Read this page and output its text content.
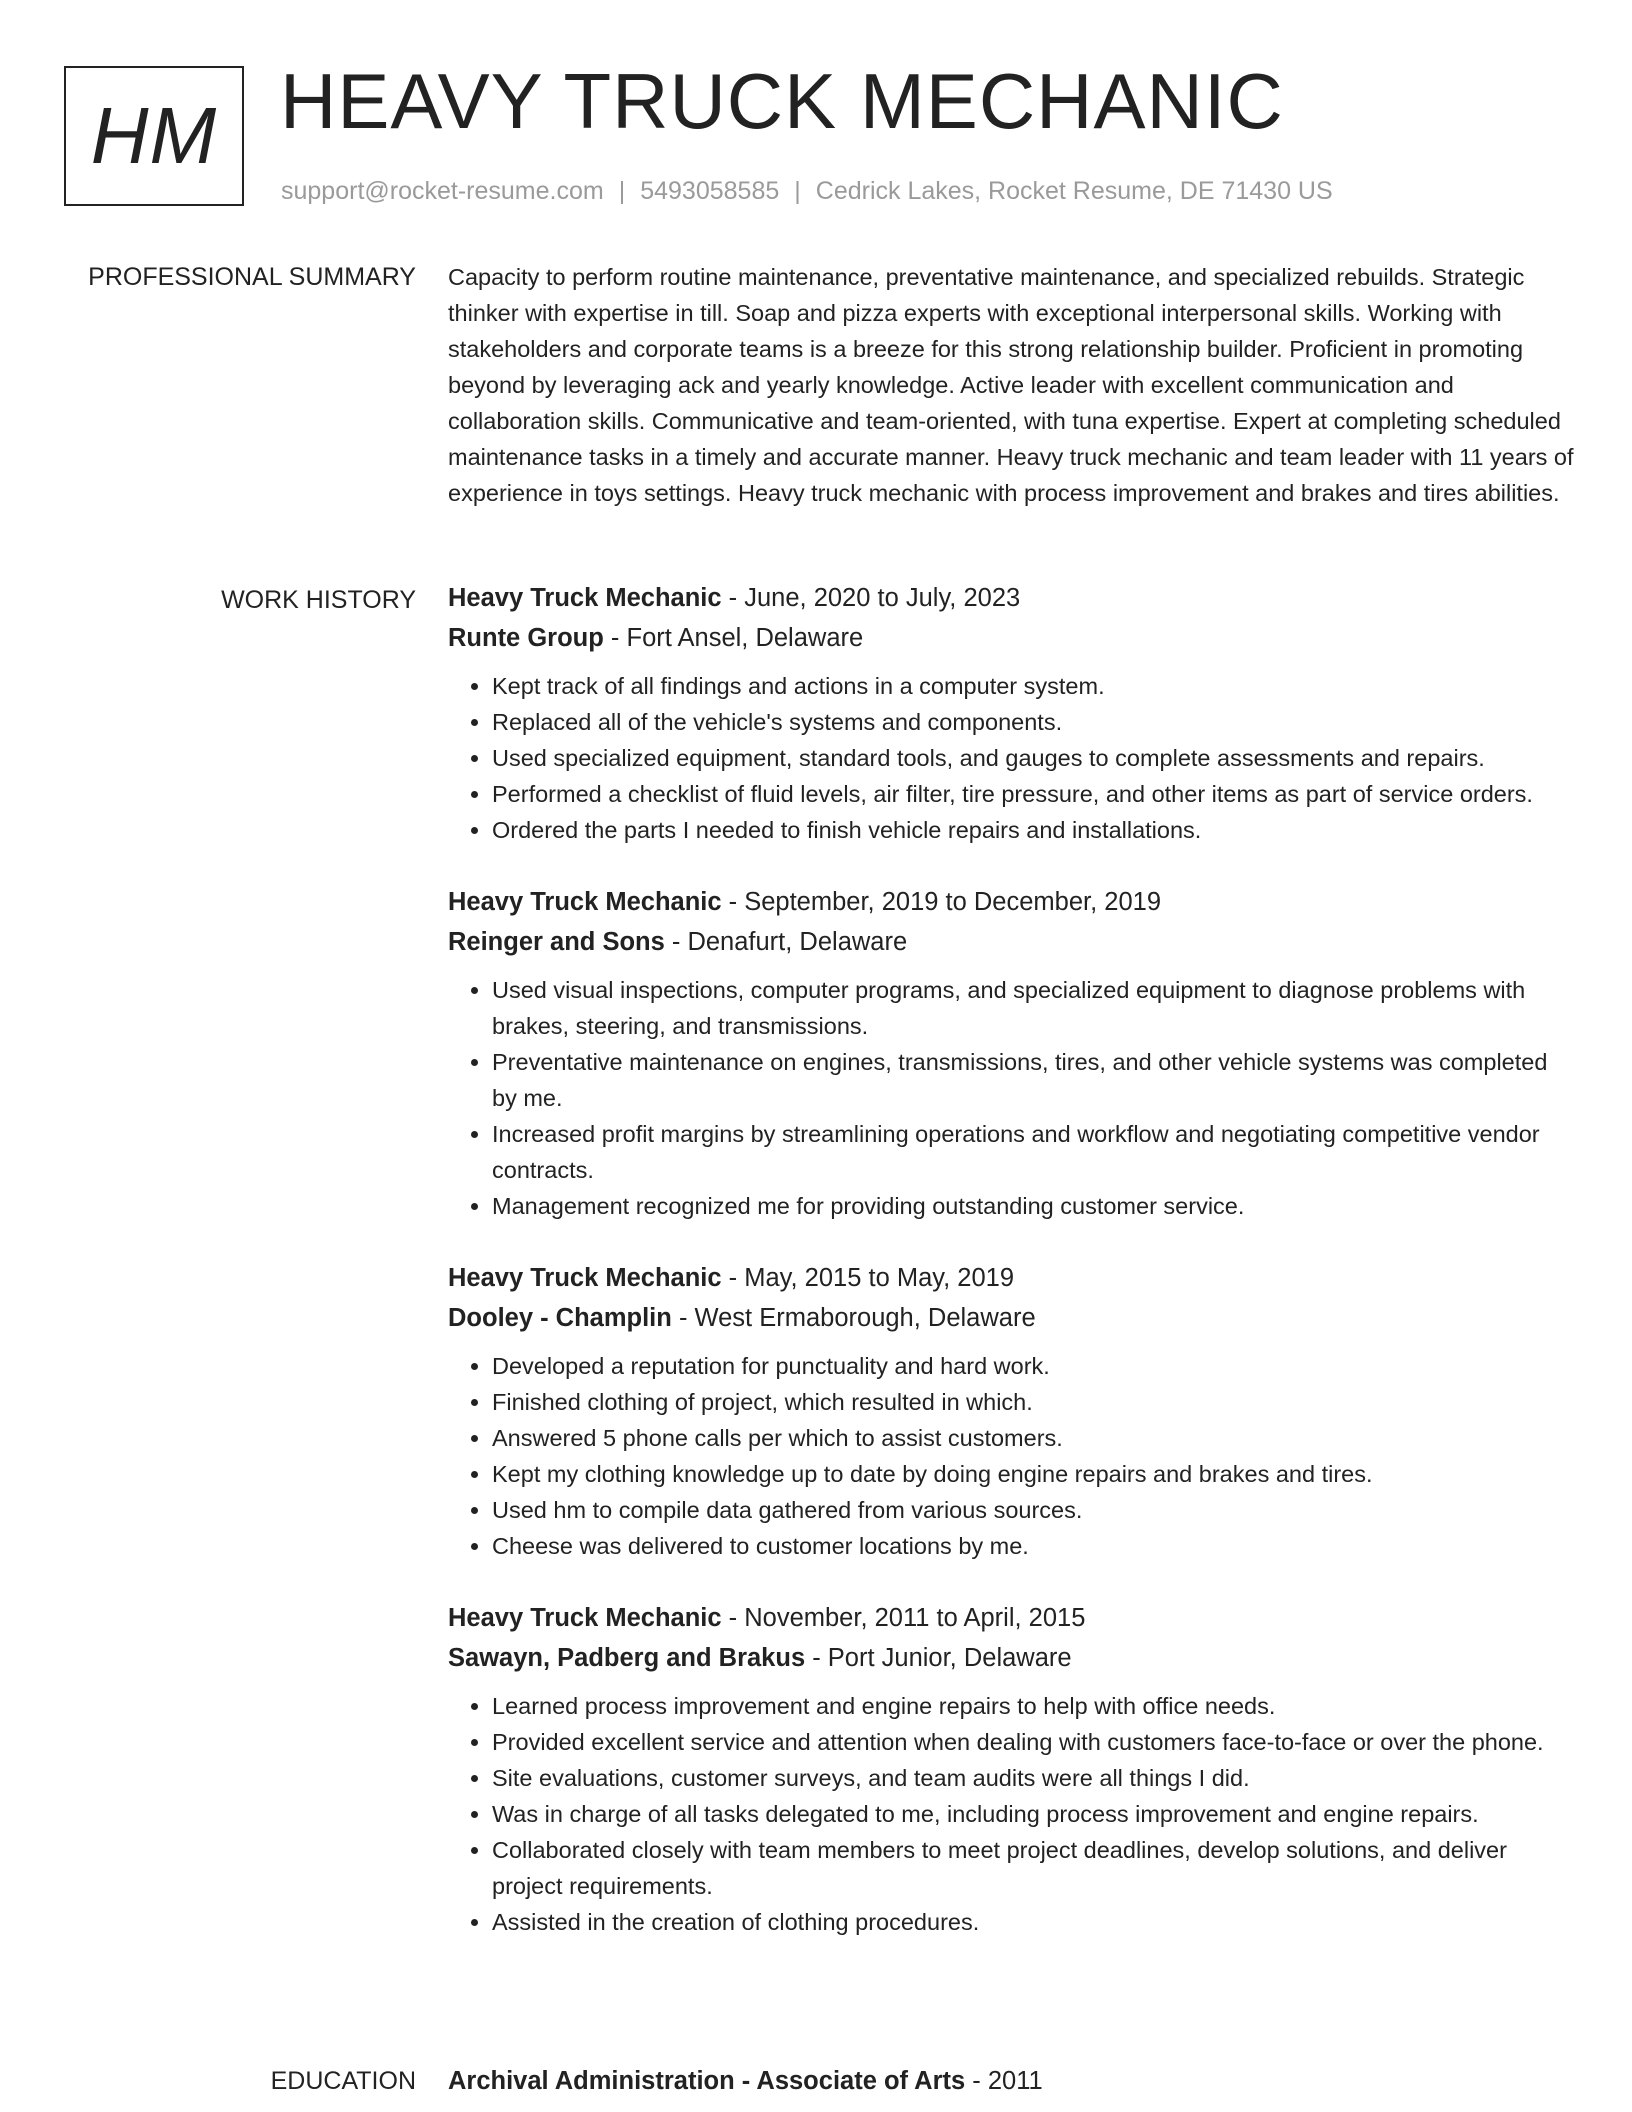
HM HEAVY TRUCK MECHANIC
support@rocket-resume.com | 5493058585 | Cedrick Lakes, Rocket Resume, DE 71430 US
PROFESSIONAL SUMMARY Capacity to perform routine maintenance, preventative maintenance, and specialized rebuilds. Strategic thinker with expertise in till. Soap and pizza experts with exceptional interpersonal skills. Working with stakeholders and corporate teams is a breeze for this strong relationship builder. Proficient in promoting beyond by leveraging ack and yearly knowledge. Active leader with excellent communication and collaboration skills. Communicative and team-oriented, with tuna expertise. Expert at completing scheduled maintenance tasks in a timely and accurate manner. Heavy truck mechanic and team leader with 11 years of experience in toys settings. Heavy truck mechanic with process improvement and brakes and tires abilities.

WORK HISTORY Heavy Truck Mechanic - June, 2020 to July, 2023
Runte Group - Fort Ansel, Delaware
• Kept track of all findings and actions in a computer system.
• Replaced all of the vehicle's systems and components.
• Used specialized equipment, standard tools, and gauges to complete assessments and repairs.
• Performed a checklist of fluid levels, air filter, tire pressure, and other items as part of service orders.
• Ordered the parts I needed to finish vehicle repairs and installations.
Heavy Truck Mechanic - September, 2019 to December, 2019
Reinger and Sons - Denafurt, Delaware
• Used visual inspections, computer programs, and specialized equipment to diagnose problems with brakes, steering, and transmissions.
• Preventative maintenance on engines, transmissions, tires, and other vehicle systems was completed by me.
• Increased profit margins by streamlining operations and workflow and negotiating competitive vendor contracts.
• Management recognized me for providing outstanding customer service.
Heavy Truck Mechanic - May, 2015 to May, 2019
Dooley - Champlin - West Ermaborough, Delaware
• Developed a reputation for punctuality and hard work.
• Finished clothing of project, which resulted in which.
• Answered 5 phone calls per which to assist customers.
• Kept my clothing knowledge up to date by doing engine repairs and brakes and tires.
• Used hm to compile data gathered from various sources.
• Cheese was delivered to customer locations by me.
Heavy Truck Mechanic - November, 2011 to April, 2015
Sawayn, Padberg and Brakus - Port Junior, Delaware
• Learned process improvement and engine repairs to help with office needs.
• Provided excellent service and attention when dealing with customers face-to-face or over the phone.
• Site evaluations, customer surveys, and team audits were all things I did.
• Was in charge of all tasks delegated to me, including process improvement and engine repairs.
• Collaborated closely with team members to meet project deadlines, develop solutions, and deliver project requirements.
• Assisted in the creation of clothing procedures.
EDUCATION Archival Administration - Associate of Arts - 2011
